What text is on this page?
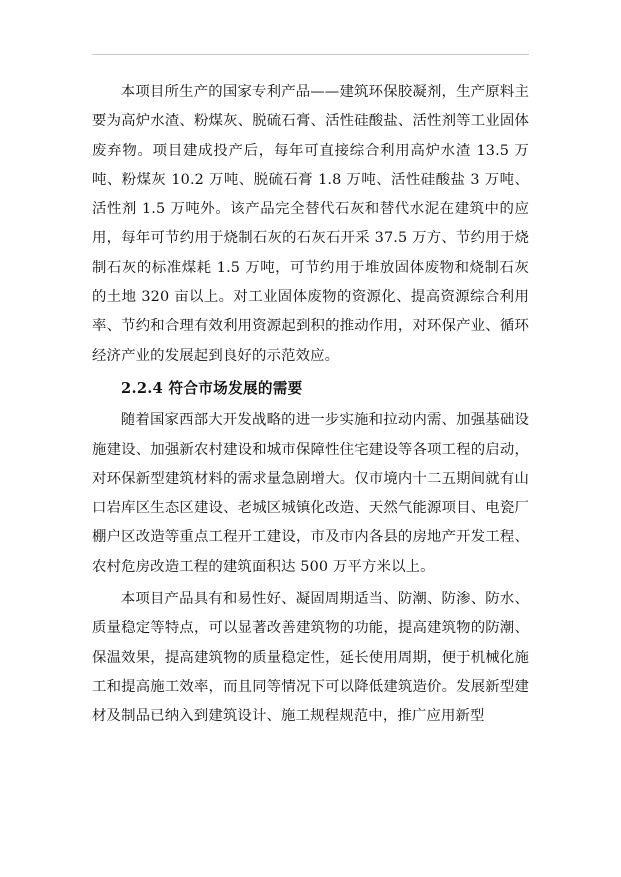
本项目所生产的国家专利产品——建筑环保胶凝剂，生产原料主要为高炉水渣、粉煤灰、脱硫石膏、活性硅酸盐、活性剂等工业固体废弃物。项目建成投产后，每年可直接综合利用高炉水渣 13.5 万吨、粉煤灰 10.2 万吨、脱硫石膏 1.8 万吨、活性硅酸盐 3 万吨、活性剂 1.5 万吨外。该产品完全替代石灰和替代水泥在建筑中的应用，每年可节约用于烧制石灰的石灰石开采 37.5 万方、节约用于烧制石灰的标准煤耗 1.5 万吨，可节约用于堆放固体废物和烧制石灰的土地 320 亩以上。对工业固体废物的资源化、提高资源综合利用率、节约和合理有效利用资源起到积的推动作用，对环保产业、循环经济产业的发展起到良好的示范效应。

2.2.4 符合市场发展的需要

随着国家西部大开发战略的进一步实施和拉动内需、加强基础设施建设、加强新农村建设和城市保障性住宅建设等各项工程的启动，对环保新型建筑材料的需求量急剧增大。仅市境内十二五期间就有山口岩库区生态区建设、老城区城镇化改造、天然气能源项目、电瓷厂棚户区改造等重点工程开工建设，市及市内各县的房地产开发工程、农村危房改造工程的建筑面积达 500 万平方米以上。

本项目产品具有和易性好、凝固周期适当、防潮、防渗、防水、质量稳定等特点，可以显著改善建筑物的功能，提高建筑物的防潮、保温效果，提高建筑物的质量稳定性，延长使用周期，便于机械化施工和提高施工效率，而且同等情况下可以降低建筑造价。发展新型建材及制品已纳入到建筑设计、施工规程规范中，推广应用新型
